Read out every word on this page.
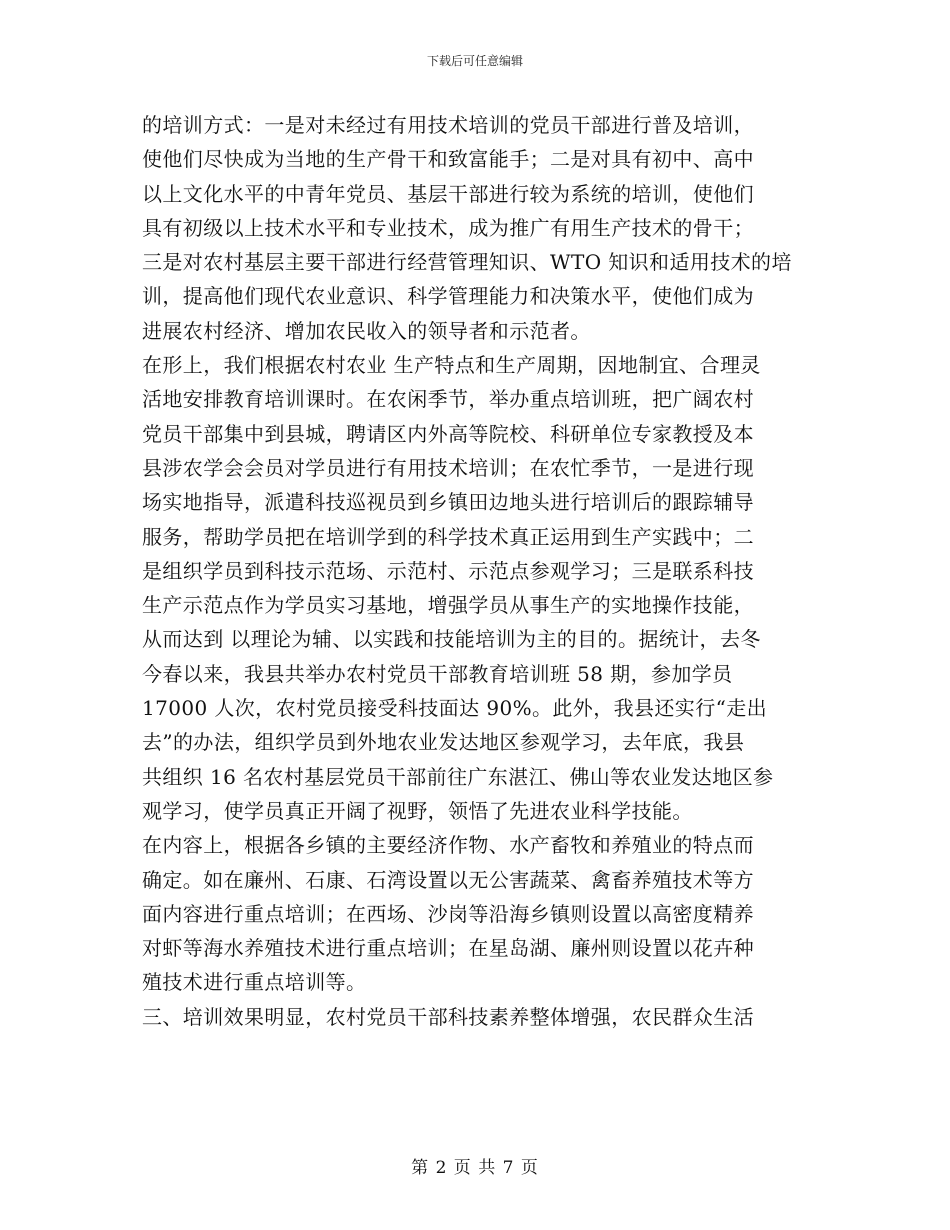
下载后可任意编辑
的培训方式：一是对未经过有用技术培训的党员干部进行普及培训，
使他们尽快成为当地的生产骨干和致富能手；二是对具有初中、高中
以上文化水平的中青年党员、基层干部进行较为系统的培训，使他们
具有初级以上技术水平和专业技术，成为推广有用生产技术的骨干；
三是对农村基层主要干部进行经营管理知识、WTO 知识和适用技术的培
训，提高他们现代农业意识、科学管理能力和决策水平，使他们成为
进展农村经济、增加农民收入的领导者和示范者。
在形上，我们根据农村农业 生产特点和生产周期，因地制宜、合理灵
活地安排教育培训课时。在农闲季节，举办重点培训班，把广阔农村
党员干部集中到县城，聘请区内外高等院校、科研单位专家教授及本
县涉农学会会员对学员进行有用技术培训；在农忙季节，一是进行现
场实地指导，派遣科技巡视员到乡镇田边地头进行培训后的跟踪辅导
服务，帮助学员把在培训学到的科学技术真正运用到生产实践中；二
是组织学员到科技示范场、示范村、示范点参观学习；三是联系科技
生产示范点作为学员实习基地，增强学员从事生产的实地操作技能，
从而达到 以理论为辅、以实践和技能培训为主的目的。据统计，去冬
今春以来，我县共举办农村党员干部教育培训班 58 期，参加学员
17000 人次，农村党员接受科技面达 90%。此外，我县还实行“走出
去”的办法，组织学员到外地农业发达地区参观学习，去年底，我县
共组织 16 名农村基层党员干部前往广东湛江、佛山等农业发达地区参
观学习，使学员真正开阔了视野，领悟了先进农业科学技能。
在内容上，根据各乡镇的主要经济作物、水产畜牧和养殖业的特点而
确定。如在廉州、石康、石湾设置以无公害蔬菜、禽畜养殖技术等方
面内容进行重点培训；在西场、沙岗等沿海乡镇则设置以高密度精养
对虾等海水养殖技术进行重点培训；在星岛湖、廉州则设置以花卉种
殖技术进行重点培训等。
三、培训效果明显，农村党员干部科技素养整体增强，农民群众生活
第 2 页 共 7 页
